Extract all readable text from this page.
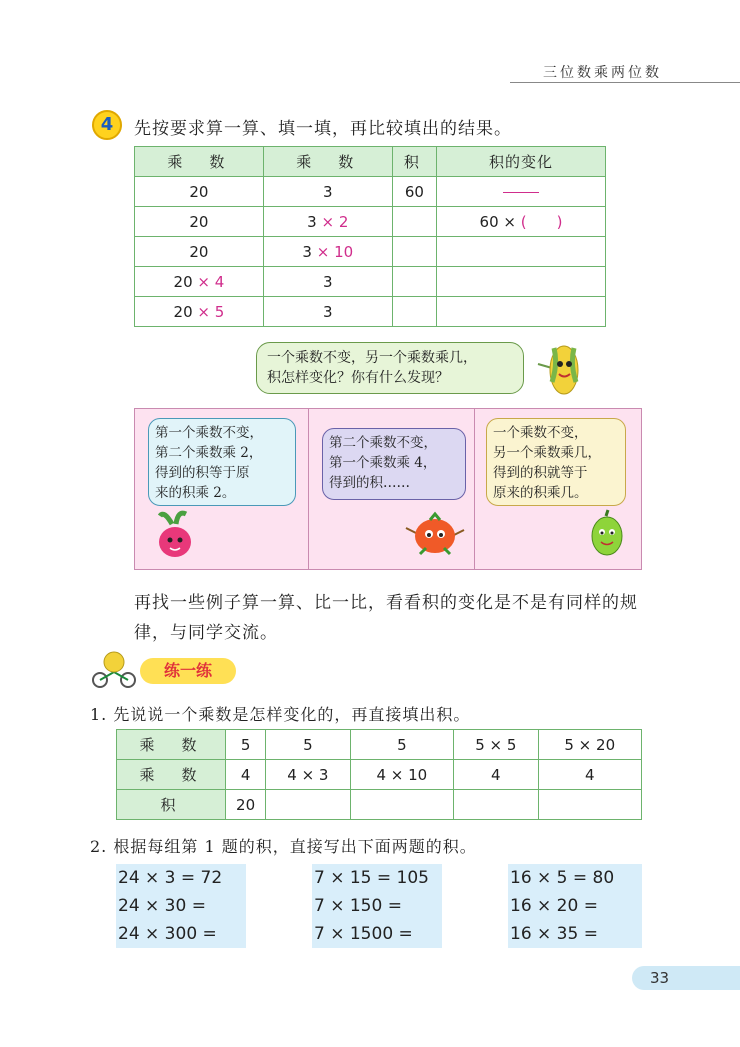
三位数乘两位数
4	先按要求算一算、填一填，再比较填出的结果。
乘　数	乘　数	积	积的变化
20	3	60	
20	3 × 2		60 × (　　)
20	3 × 10		
20 × 4	3		
20 × 5	3		
一个乘数不变，另一个乘数乘几，
积怎样变化？你有什么发现？
第一个乘数不变，
第二个乘数乘 2，
得到的积等于原
来的积乘 2。
第二个乘数不变，
第一个乘数乘 4，
得到的积……
一个乘数不变，
另一个乘数乘几，
得到的积就等于
原来的积乘几。
再找一些例子算一算、比一比，看看积的变化是不是有同样的规律，与同学交流。
练一练
1. 先说说一个乘数是怎样变化的，再直接填出积。
乘　数	5	5	5	5 × 5	5 × 20
乘　数	4	4 × 3	4 × 10	4	4
积	20				
2. 根据每组第 1 题的积，直接写出下面两题的积。
24 × 3 = 72
24 × 30 =
24 × 300 =
7 × 15 = 105
7 × 150 =
7 × 1500 =
16 × 5 = 80
16 × 20 =
16 × 35 =
33
